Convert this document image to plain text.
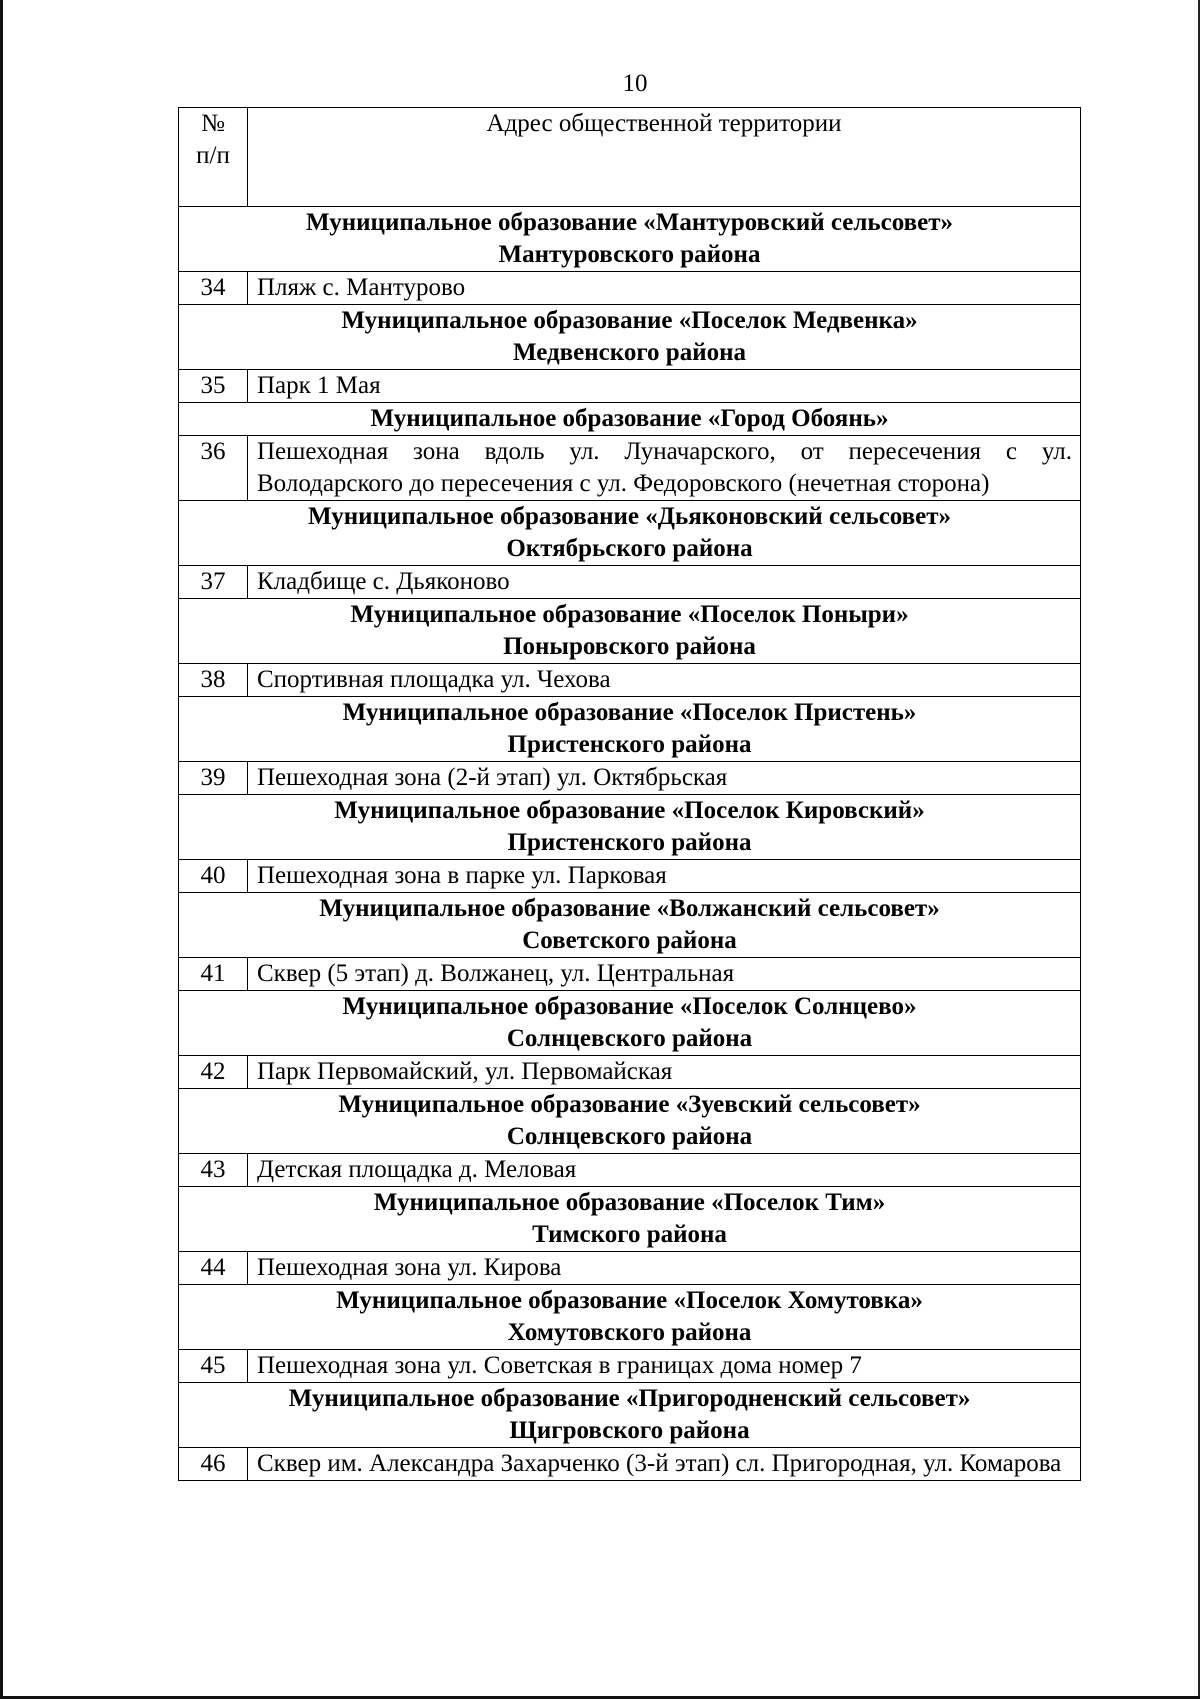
10
№
п/п	Адрес общественной территории

Муниципальное образование «Мантуровский сельсовет»
Мантуровского района	

34	Пляж с. Мантурово

Муниципальное образование «Поселок Медвенка»
Медвенского района	

35	Парк 1 Мая

Муниципальное образование «Город Обоянь»	

36	Пешеходная зона вдоль ул. Луначарского, от пересечения с ул. Володарского до пересечения с ул. Федоровского (нечетная сторона)

Муниципальное образование «Дьяконовский сельсовет»
Октябрьского района	

37	Кладбище с. Дьяконово

Муниципальное образование «Поселок Поныри»
Поныровского района	

38	Спортивная площадка ул. Чехова

Муниципальное образование «Поселок Пристень»
Пристенского района	

39	Пешеходная зона (2-й этап) ул. Октябрьская

Муниципальное образование «Поселок Кировский»
Пристенского района	

40	Пешеходная зона в парке ул. Парковая

Муниципальное образование «Волжанский сельсовет»
Советского района	

41	Сквер (5 этап) д. Волжанец, ул. Центральная

Муниципальное образование «Поселок Солнцево»
Солнцевского района	

42	Парк Первомайский, ул. Первомайская

Муниципальное образование «Зуевский сельсовет»
Солнцевского района	

43	Детская площадка д. Меловая

Муниципальное образование «Поселок Тим»
Тимского района	

44	Пешеходная зона ул. Кирова

Муниципальное образование «Поселок Хомутовка»
Хомутовского района	

45	Пешеходная зона ул. Советская в границах дома номер 7

Муниципальное образование «Пригородненский сельсовет»
Щигровского района	

46	Сквер им. Александра Захарченко (3-й этап) сл. Пригородная, ул. Комарова
